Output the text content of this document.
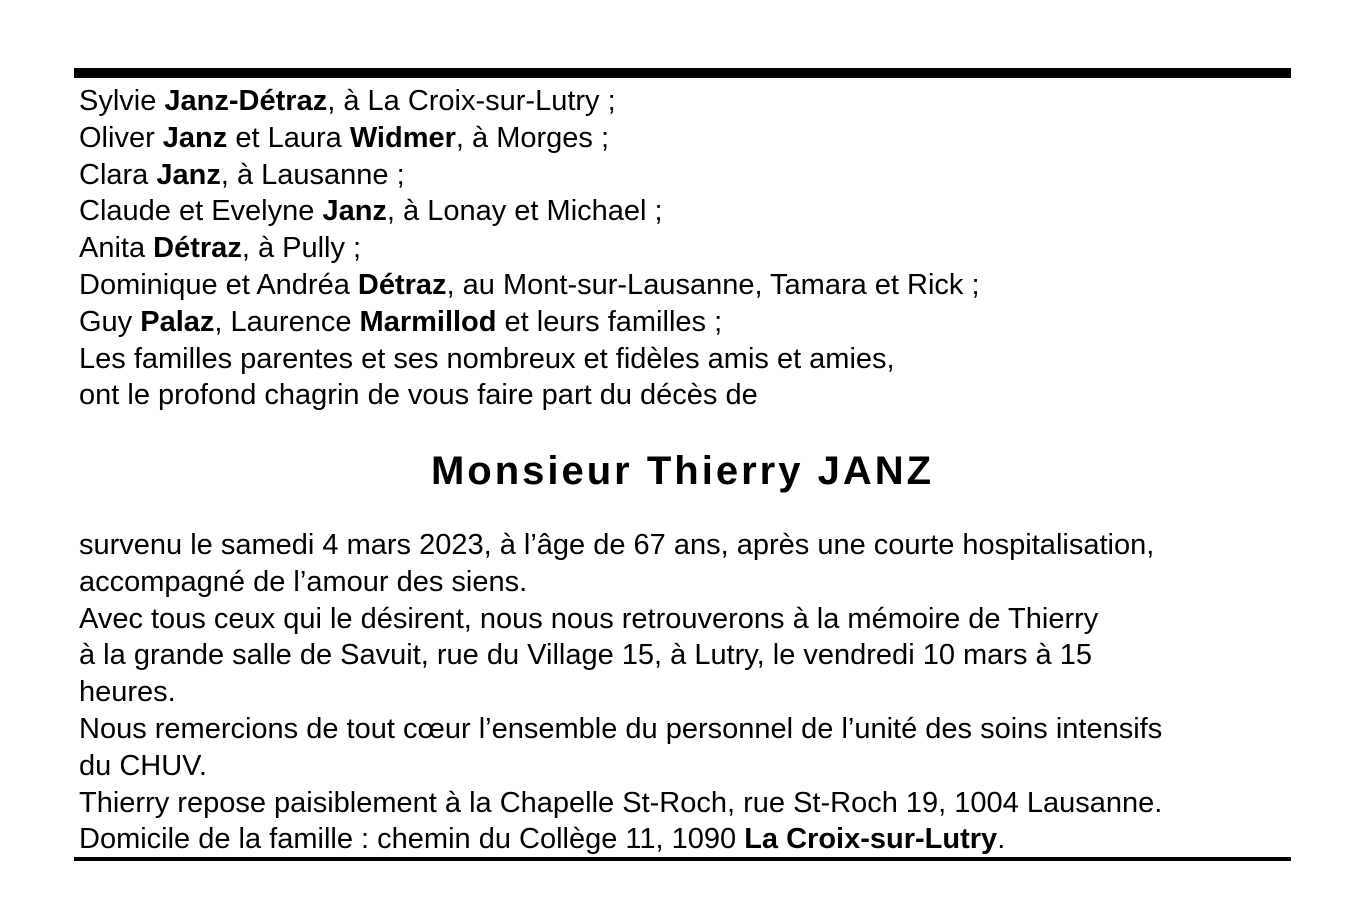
Sylvie Janz-Détraz, à La Croix-sur-Lutry ;
Oliver Janz et Laura Widmer, à Morges ;
Clara Janz, à Lausanne ;
Claude et Evelyne Janz, à Lonay et Michael ;
Anita Détraz, à Pully ;
Dominique et Andréa Détraz, au Mont-sur-Lausanne, Tamara et Rick ;
Guy Palaz, Laurence Marmillod et leurs familles ;
Les familles parentes et ses nombreux et fidèles amis et amies,
ont le profond chagrin de vous faire part du décès de
Monsieur Thierry JANZ
survenu le samedi 4 mars 2023, à l’âge de 67 ans, après une courte hospitalisation,
accompagné de l’amour des siens.
Avec tous ceux qui le désirent, nous nous retrouverons à la mémoire de Thierry
à la grande salle de Savuit, rue du Village 15, à Lutry, le vendredi 10 mars à 15
heures.
Nous remercions de tout cœur l’ensemble du personnel de l’unité des soins intensifs
du CHUV.
Thierry repose paisiblement à la Chapelle St-Roch, rue St-Roch 19, 1004 Lausanne.
Domicile de la famille : chemin du Collège 11, 1090 La Croix-sur-Lutry.
